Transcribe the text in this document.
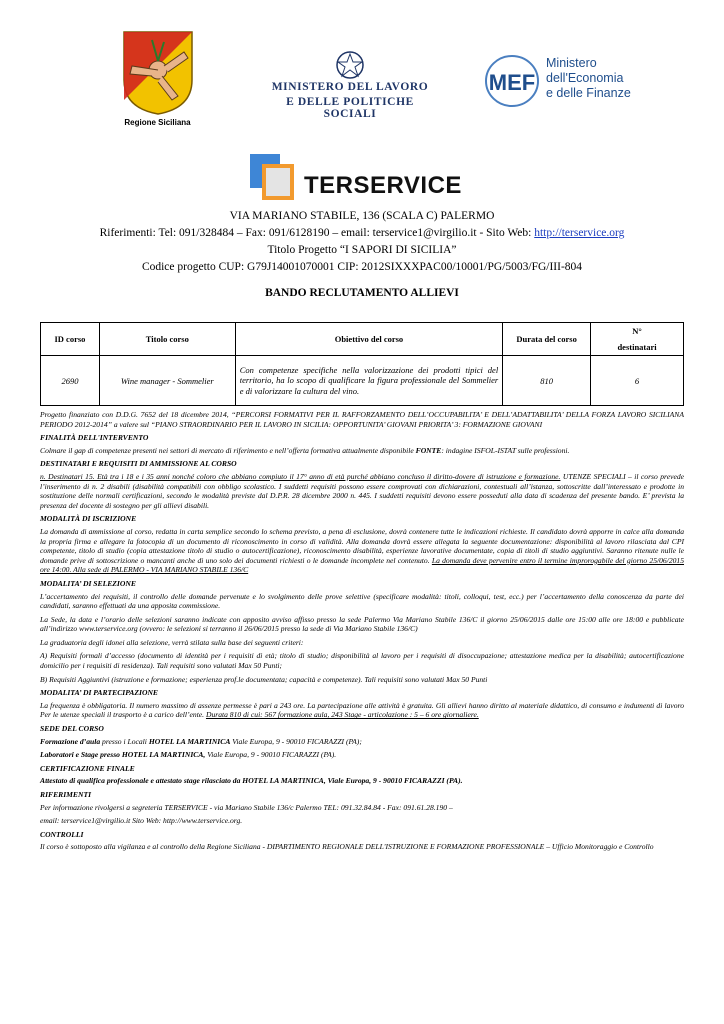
Regione Siciliana
MINISTERO DEL LAVORO
E DELLE POLITICHE SOCIALI
MEF
Ministero
dell'Economia
e delle Finanze
TERSERVICE
VIA MARIANO STABILE, 136 (SCALA C) PALERMO
Riferimenti: Tel: 091/328484 – Fax: 091/6128190 – email: terservice1@virgilio.it - Sito Web: http://terservice.org
Titolo Progetto “I SAPORI DI SICILIA”
Codice progetto CUP: G79J14001070001 CIP: 2012SIXXXPAC00/10001/PG/5003/FG/III-804
BANDO RECLUTAMENTO ALLIEVI
ID corso	Titolo corso	Obiettivo del corso	Durata del corso	N°
destinatari

2690	Wine manager - Sommelier	Con competenze specifiche nella valorizzazione dei prodotti tipici del territorio, ha lo scopo di qualificare la figura professionale del Sommelier e di valorizzare la cultura del vino.	810	6

Progetto finanziato con D.D.G. 7652 del 18 dicembre 2014, “PERCORSI FORMATIVI PER IL RAFFORZAMENTO DELL’OCCUPABILITA’ E DELL’ADATTABILITA’ DELLA FORZA LAVORO SICILIANA PERIODO 2012-2014” a valere sul “PIANO STRAORDINARIO PER IL LAVORO IN SICILIA: OPPORTUNITA’ GIOVANI PRIORITA’ 3: FORMAZIONE GIOVANI

FINALITÀ DELL'INTERVENTO

Colmare il gap di competenze presenti nei settori di mercato di riferimento e nell’offerta formativa attualmente disponibile FONTE: indagine ISFOL-ISTAT sulle professioni.

DESTINATARI E REQUISITI DI AMMISSIONE AL CORSO

n. Destinatari 15. Età tra i 18 e i 35 anni nonché coloro che abbiano compiuto il 17° anno di età purché abbiano concluso il diritto-dovere di istruzione e formazione. UTENZE SPECIALI – il corso prevede l’inserimento di n. 2 disabili (disabilità compatibili con obbligo scolastico. I suddetti requisiti possono essere comprovati con dichiarazioni, contestuali all’istanza, sottoscritte dall’interessato e prodotte in sostituzione delle normali certificazioni, secondo le modalità previste dal D.P.R. 28 dicembre 2000 n. 445. I suddetti requisiti devono essere posseduti alla data di scadenza del presente bando. E’ prevista la presenza del docente di sostegno per gli allievi disabili.

MODALITÀ DI ISCRIZIONE

La domanda di ammissione al corso, redatta in carta semplice secondo lo schema previsto, a pena di esclusione, dovrà contenere tutte le indicazioni richieste. Il candidato dovrà apporre in calce alla domanda la propria firma e allegare la fotocopia di un documento di riconoscimento in corso di validità. Alla domanda dovrà essere allegata la seguente documentazione: disponibilità al lavoro rilasciata dal CPI competente, titolo di studio (copia attestazione titolo di studio o autocertificazione), riconoscimento disabilità, esperienze lavorative documentate, copia di titoli di studio aggiuntivi. Saranno ritenute nulle le domande prive di sottoscrizione o mancanti anche di uno solo dei documenti richiesti o le domande incomplete nel contenuto. La domanda deve pervenire entro il termine improrogabile del giorno 25/06/2015 ore 14:00. Alla sede di PALERMO - VIA MARIANO STABILE 136/C

MODALITA’ DI SELEZIONE

L’accertamento dei requisiti, il controllo delle domande pervenute e lo svolgimento delle prove selettive (specificare modalità: titoli, colloqui, test, ecc.) per l’accertamento della conoscenza da parte dei candidati, saranno effettuati da una apposita commissione.

La Sede, la data e l’orario delle selezioni saranno indicate con apposito avviso affisso presso la sede Palermo Via Mariano Stabile 136/C il giorno 25/06/2015 dalle ore 15:00 alle ore 18:00 e pubblicate all’indirizzo www.terservice.org (ovvero: le selezioni si terranno il 26/06/2015 presso la sede di Via Mariano Stabile 136/C)

La graduatoria degli idonei alla selezione, verrà stilata sulla base dei seguenti criteri:

A) Requisiti formali d’accesso (documento di identità per i requisiti di età; titolo di studio; disponibilità al lavoro per i requisiti di disoccupazione; attestazione medica per la disabilità; autocertificazione domicilio per i requisiti di residenza). Tali requisiti sono valutati Max 50 Punti;

B) Requisiti Aggiuntivi (istruzione e formazione; esperienza prof.le documentata; capacità e competenze). Tali requisiti sono valutati Max 50 Punti

MODALITA’ DI PARTECIPAZIONE

La frequenza è obbligatoria. Il numero massimo di assenze permesse è pari a 243 ore. La partecipazione alle attività è gratuita. Gli allievi hanno diritto al materiale didattico, di consumo e indumenti di lavoro Per le utenze speciali il trasporto è a carico dell’ente. Durata 810 di cui: 567 formazione aula, 243 Stage - articolazione : 5 – 6 ore giornaliere.

SEDE DEL CORSO

Formazione d’aula presso i Locali HOTEL LA MARTINICA Viale Europa, 9 - 90010 FICARAZZI (PA);

Laboratori e Stage presso HOTEL LA MARTINICA, Viale Europa, 9 - 90010 FICARAZZI (PA).

CERTIFICAZIONE FINALE

Attestato di qualifica professionale e attestato stage rilasciato da HOTEL LA MARTINICA, Viale Europa, 9 - 90010 FICARAZZI (PA).

RIFERIMENTI

Per informazione rivolgersi a segreteria TERSERVICE - via Mariano Stabile 136/c Palermo TEL: 091.32.84.84 - Fax: 091.61.28.190 –

email: terservice1@virgilio.it Sito Web: http://www.terservice.org.

CONTROLLI

Il corso è sottoposto alla vigilanza e al controllo della Regione Siciliana - DIPARTIMENTO REGIONALE DELL'ISTRUZIONE E FORMAZIONE PROFESSIONALE – Ufficio Monitoraggio e Controllo
